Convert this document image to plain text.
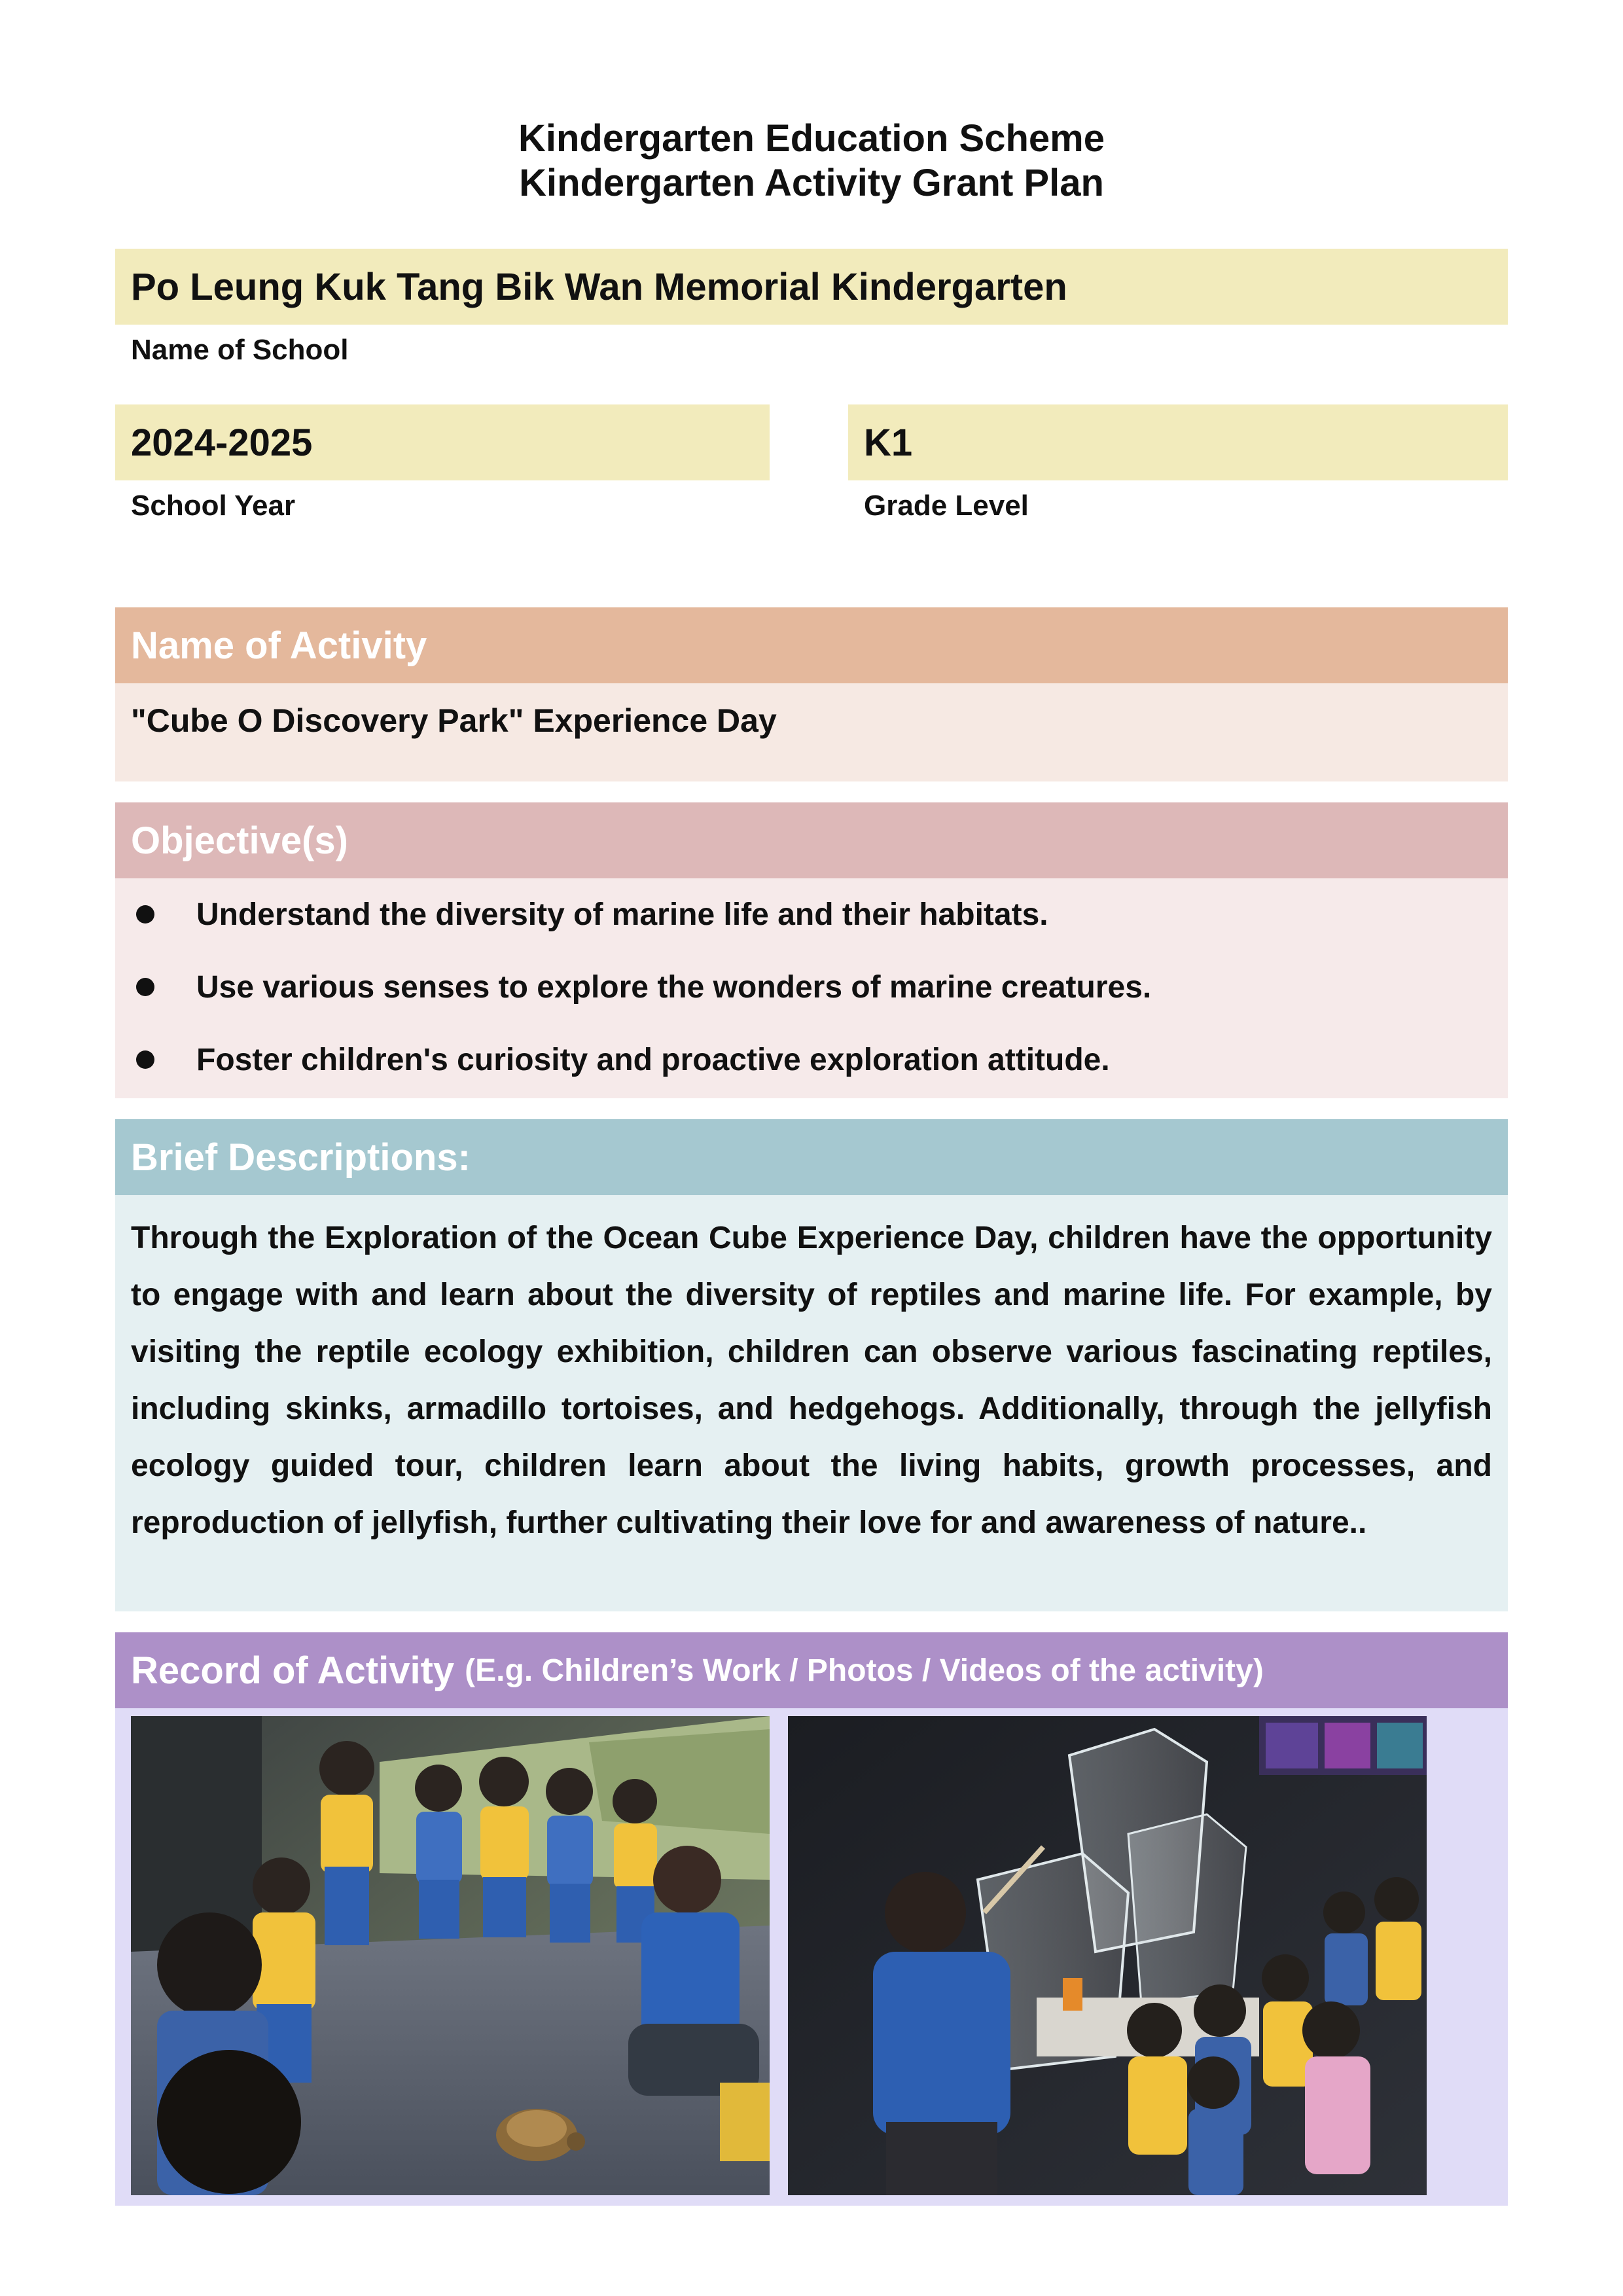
Kindergarten Education Scheme
Kindergarten Activity Grant Plan
Po Leung Kuk Tang Bik Wan Memorial Kindergarten
Name of School
2024-2025
School Year
K1
Grade Level
Name of Activity
"Cube O Discovery Park" Experience Day
Objective(s)
Understand the diversity of marine life and their habitats.
Use various senses to explore the wonders of marine creatures.
Foster children's curiosity and proactive exploration attitude.
Brief Descriptions:
Through the Exploration of the Ocean Cube Experience Day, children have the opportunity to engage with and learn about the diversity of reptiles and marine life. For example, by visiting the reptile ecology exhibition, children can observe various fascinating reptiles, including skinks, armadillo tortoises, and hedgehogs. Additionally, through the jellyfish ecology guided tour, children learn about the living habits, growth processes, and reproduction of jellyfish, further cultivating their love for and awareness of nature..
Record of Activity (E.g. Children’s Work / Photos / Videos of the activity)
